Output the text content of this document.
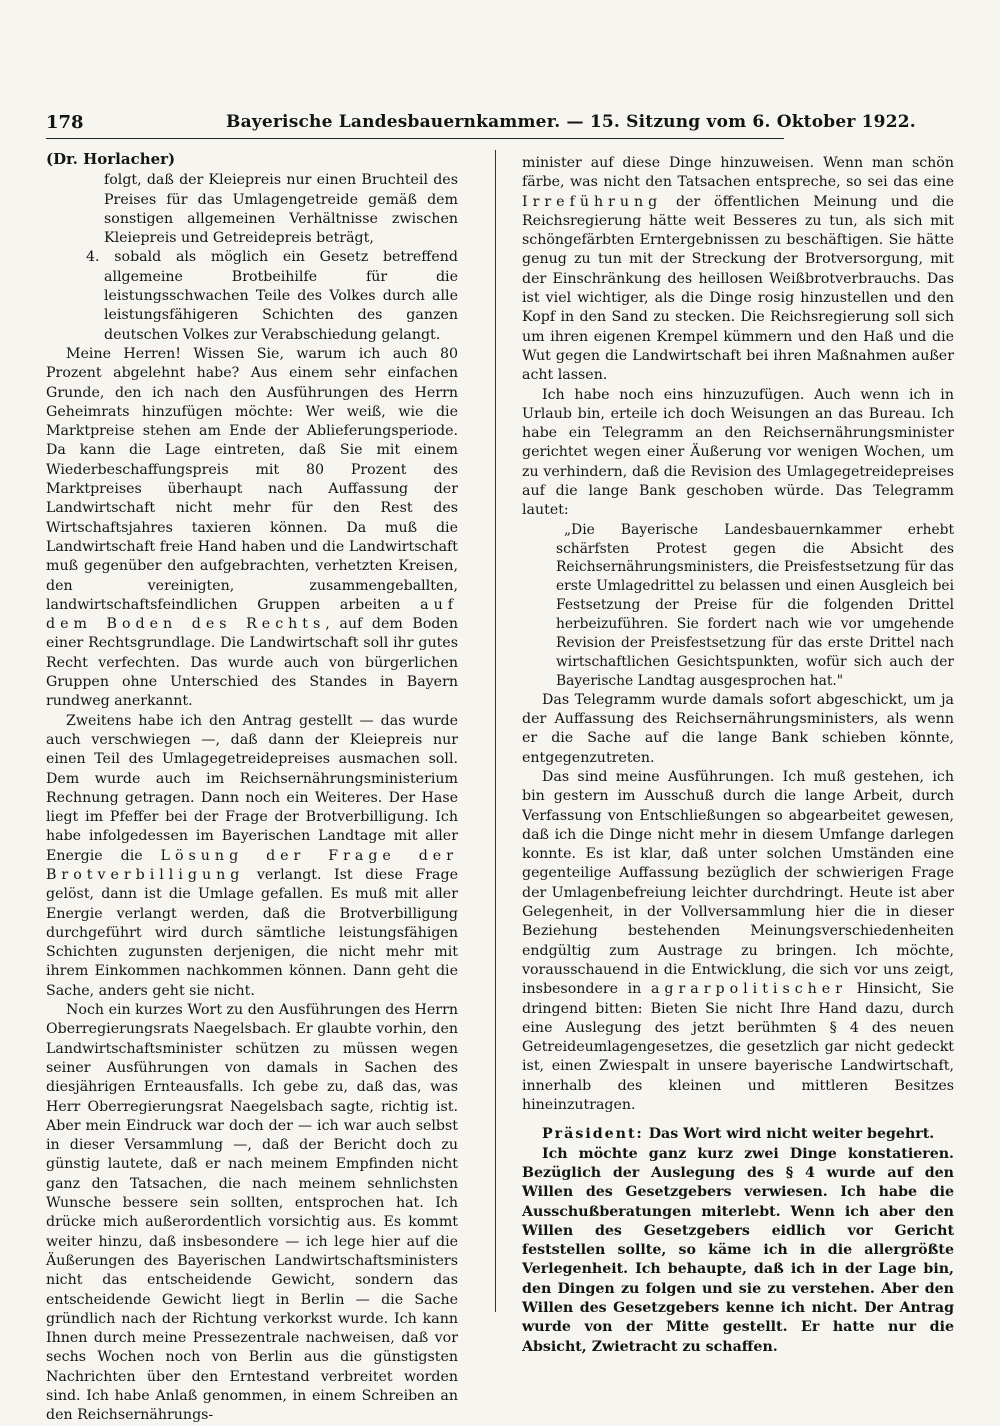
178	Bayerische Landesbauernkammer. — 15. Sitzung vom 6. Oktober 1922.

(Dr. Horlacher)

folgt, daß der Kleiepreis nur einen Bruchteil des Preises für das Umlagengetreide gemäß dem sonstigen allgemeinen Verhältnisse zwischen Kleiepreis und Getreidepreis beträgt,

4. sobald als möglich ein Gesetz betreffend allgemeine Brotbeihilfe für die leistungsschwachen Teile des Volkes durch alle leistungsfähigeren Schichten des ganzen deutschen Volkes zur Verabschiedung gelangt.

Meine Herren! Wissen Sie, warum ich auch 80 Prozent abgelehnt habe? Aus einem sehr einfachen Grunde, den ich nach den Ausführungen des Herrn Geheimrats hinzufügen möchte: Wer weiß, wie die Marktpreise stehen am Ende der Ablieferungsperiode. Da kann die Lage eintreten, daß Sie mit einem Wiederbeschaffungspreis mit 80 Prozent des Marktpreises überhaupt nach Auffassung der Landwirtschaft nicht mehr für den Rest des Wirtschaftsjahres taxieren können. Da muß die Landwirtschaft freie Hand haben und die Landwirtschaft muß gegenüber den aufgebrachten, verhetzten Kreisen, den vereinigten, zusammengeballten, landwirtschaftsfeindlichen Gruppen arbeiten auf dem Boden des Rechts, auf dem Boden einer Rechtsgrundlage. Die Landwirtschaft soll ihr gutes Recht verfechten. Das wurde auch von bürgerlichen Gruppen ohne Unterschied des Standes in Bayern rundweg anerkannt.

Zweitens habe ich den Antrag gestellt — das wurde auch verschwiegen —, daß dann der Kleiepreis nur einen Teil des Umlagegetreidepreises ausmachen soll. Dem wurde auch im Reichsernährungsministerium Rechnung getragen. Dann noch ein Weiteres. Der Hase liegt im Pfeffer bei der Frage der Brotverbilligung. Ich habe infolgedessen im Bayerischen Landtage mit aller Energie die Lösung der Frage der Brotverbilligung verlangt. Ist diese Frage gelöst, dann ist die Umlage gefallen. Es muß mit aller Energie verlangt werden, daß die Brotverbilligung durchgeführt wird durch sämtliche leistungsfähigen Schichten zugunsten derjenigen, die nicht mehr mit ihrem Einkommen nachkommen können. Dann geht die Sache, anders geht sie nicht.

Noch ein kurzes Wort zu den Ausführungen des Herrn Oberregierungsrats Naegelsbach. Er glaubte vorhin, den Landwirtschaftsminister schützen zu müssen wegen seiner Ausführungen von damals in Sachen des diesjährigen Ernteausfalls. Ich gebe zu, daß das, was Herr Oberregierungsrat Naegelsbach sagte, richtig ist. Aber mein Eindruck war doch der — ich war auch selbst in dieser Versammlung —, daß der Bericht doch zu günstig lautete, daß er nach meinem Empfinden nicht ganz den Tatsachen, die nach meinem sehnlichsten Wunsche bessere sein sollten, entsprochen hat. Ich drücke mich außerordentlich vorsichtig aus. Es kommt weiter hinzu, daß insbesondere — ich lege hier auf die Äußerungen des Bayerischen Landwirtschaftsministers nicht das entscheidende Gewicht, sondern das entscheidende Gewicht liegt in Berlin — die Sache gründlich nach der Richtung verkorkst wurde. Ich kann Ihnen durch meine Pressezentrale nachweisen, daß vor sechs Wochen noch von Berlin aus die günstigsten Nachrichten über den Erntestand verbreitet worden sind. Ich habe Anlaß genommen, in einem Schreiben an den Reichsernährungs-

minister auf diese Dinge hinzuweisen. Wenn man schön färbe, was nicht den Tatsachen entspreche, so sei das eine Irreführung der öffentlichen Meinung und die Reichsregierung hätte weit Besseres zu tun, als sich mit schöngefärbten Erntergebnissen zu beschäftigen. Sie hätte genug zu tun mit der Streckung der Brotversorgung, mit der Einschränkung des heillosen Weißbrotverbrauchs. Das ist viel wichtiger, als die Dinge rosig hinzustellen und den Kopf in den Sand zu stecken. Die Reichsregierung soll sich um ihren eigenen Krempel kümmern und den Haß und die Wut gegen die Landwirtschaft bei ihren Maßnahmen außer acht lassen.

Ich habe noch eins hinzuzufügen. Auch wenn ich in Urlaub bin, erteile ich doch Weisungen an das Bureau. Ich habe ein Telegramm an den Reichsernährungsminister gerichtet wegen einer Äußerung vor wenigen Wochen, um zu verhindern, daß die Revision des Umlagegetreidepreises auf die lange Bank geschoben würde. Das Telegramm lautet:

„Die Bayerische Landesbauernkammer erhebt schärfsten Protest gegen die Absicht des Reichsernährungsministers, die Preisfestsetzung für das erste Umlagedrittel zu belassen und einen Ausgleich bei Festsetzung der Preise für die folgenden Drittel herbeizuführen. Sie fordert nach wie vor umgehende Revision der Preisfestsetzung für das erste Drittel nach wirtschaftlichen Gesichtspunkten, wofür sich auch der Bayerische Landtag ausgesprochen hat."

Das Telegramm wurde damals sofort abgeschickt, um ja der Auffassung des Reichsernährungsministers, als wenn er die Sache auf die lange Bank schieben könnte, entgegenzutreten.

Das sind meine Ausführungen. Ich muß gestehen, ich bin gestern im Ausschuß durch die lange Arbeit, durch Verfassung von Entschließungen so abgearbeitet gewesen, daß ich die Dinge nicht mehr in diesem Umfange darlegen konnte. Es ist klar, daß unter solchen Umständen eine gegenteilige Auffassung bezüglich der schwierigen Frage der Umlagenbefreiung leichter durchdringt. Heute ist aber Gelegenheit, in der Vollversammlung hier die in dieser Beziehung bestehenden Meinungsverschiedenheiten endgültig zum Austrage zu bringen. Ich möchte, vorausschauend in die Entwicklung, die sich vor uns zeigt, insbesondere in agrarpolitischer Hinsicht, Sie dringend bitten: Bieten Sie nicht Ihre Hand dazu, durch eine Auslegung des jetzt berühmten § 4 des neuen Getreideumlagengesetzes, die gesetzlich gar nicht gedeckt ist, einen Zwiespalt in unsere bayerische Landwirtschaft, innerhalb des kleinen und mittleren Besitzes hineinzutragen.

Präsident: Das Wort wird nicht weiter begehrt.

Ich möchte ganz kurz zwei Dinge konstatieren. Bezüglich der Auslegung des § 4 wurde auf den Willen des Gesetzgebers verwiesen. Ich habe die Ausschußberatungen miterlebt. Wenn ich aber den Willen des Gesetzgebers eidlich vor Gericht feststellen sollte, so käme ich in die allergrößte Verlegenheit. Ich behaupte, daß ich in der Lage bin, den Dingen zu folgen und sie zu verstehen. Aber den Willen des Gesetzgebers kenne ich nicht. Der Antrag wurde von der Mitte gestellt. Er hatte nur die Absicht, Zwietracht zu schaffen.
